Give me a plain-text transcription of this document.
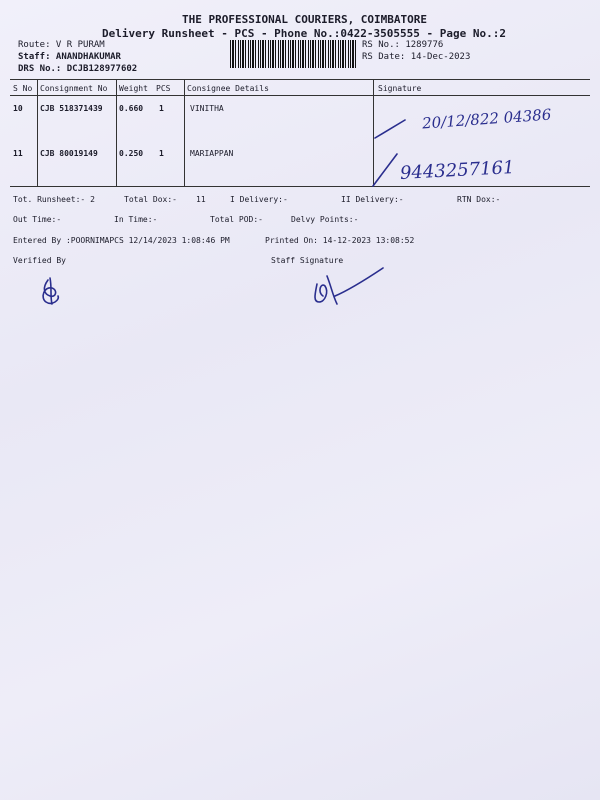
THE PROFESSIONAL COURIERS, COIMBATORE
Delivery Runsheet - PCS - Phone No.:0422-3505555 - Page No.:2
Route: V R PURAM
Staff: ANANDHAKUMAR
DRS No.: DCJB128977602
RS No.: 1289776
RS Date: 14-Dec-2023
S No Consignment No Weight PCS Consignee Details	Signature
10 CJB 518371439 0.660 1	VINITHA
11 CJB 80019149	0.250 1	MARIAPPAN
20/12/822 04386
9443257161
Tot. Runsheet:- 2	Total Dox:- 11	I Delivery:-	II Delivery:-	RTN Dox:-
Out Time:-	In Time:-	Total POD:-	Delvy Points:-
Entered By :POORNIMAPCS 12/14/2023 1:08:46 PM	Printed On: 14-12-2023 13:08:52
Verified By	Staff Signature
